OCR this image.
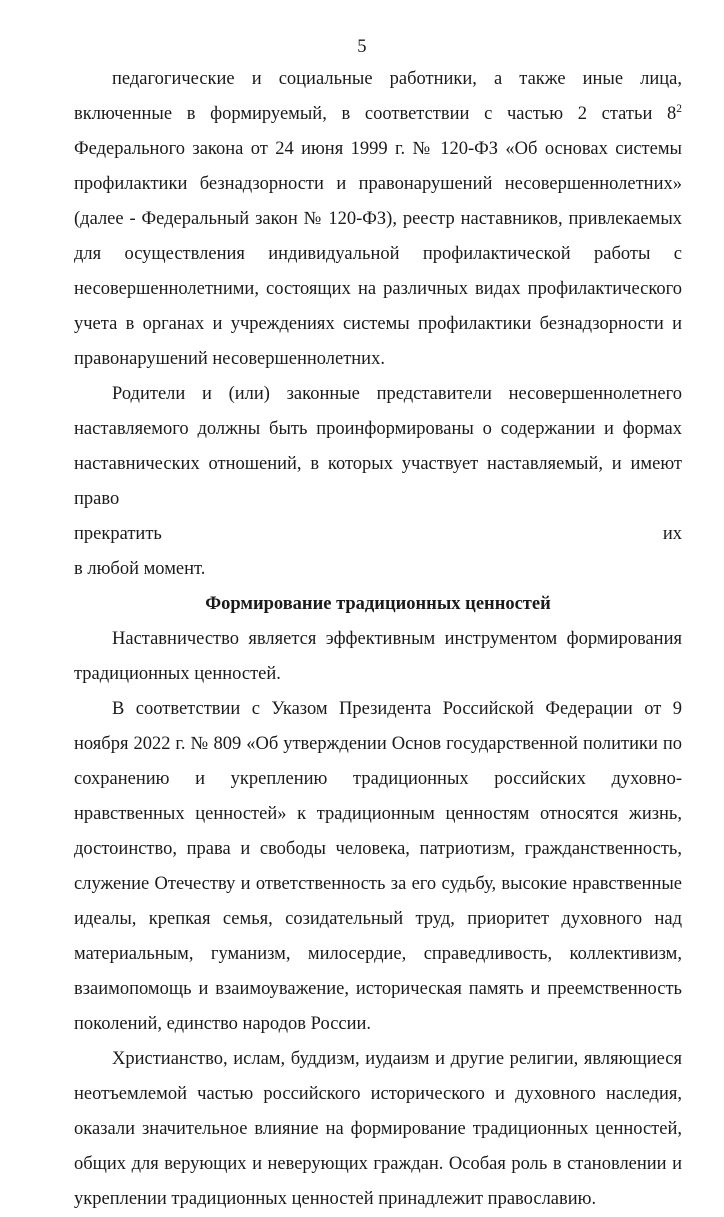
5

педагогические и социальные работники, а также иные лица, включенные в формируемый, в соответствии с частью 2 статьи 8$^2$ Федерального закона от 24 июня 1999 г. № 120-ФЗ «Об основах системы профилактики безнадзорности и правонарушений несовершеннолетних» (далее - Федеральный закон № 120-ФЗ), реестр наставников, привлекаемых для осуществления индивидуальной профилактической работы с несовершеннолетними, состоящих на различных видах профилактического учета в органах и учреждениях системы профилактики безнадзорности и правонарушений несовершеннолетних.

Родители и (или) законные представители несовершеннолетнего наставляемого должны быть проинформированы о содержании и формах наставнических отношений, в которых участвует наставляемый, и имеют право

прекратить	их
в любой момент.
Формирование традиционных ценностей

Наставничество является эффективным инструментом формирования традиционных ценностей.

В соответствии с Указом Президента Российской Федерации от 9 ноября 2022 г. № 809 «Об утверждении Основ государственной политики по сохранению и укреплению традиционных российских духовно-нравственных ценностей» к традиционным ценностям относятся жизнь, достоинство, права и свободы человека, патриотизм, гражданственность, служение Отечеству и ответственность за его судьбу, высокие нравственные идеалы, крепкая семья, созидательный труд, приоритет духовного над материальным, гуманизм, милосердие, справедливость, коллективизм, взаимопомощь и взаимоуважение, историческая память и преемственность поколений, единство народов России.

Христианство, ислам, буддизм, иудаизм и другие религии, являющиеся неотъемлемой частью российского исторического и духовного наследия, оказали значительное влияние на формирование традиционных ценностей, общих для верующих и неверующих граждан. Особая роль в становлении и укреплении традиционных ценностей принадлежит православию.
